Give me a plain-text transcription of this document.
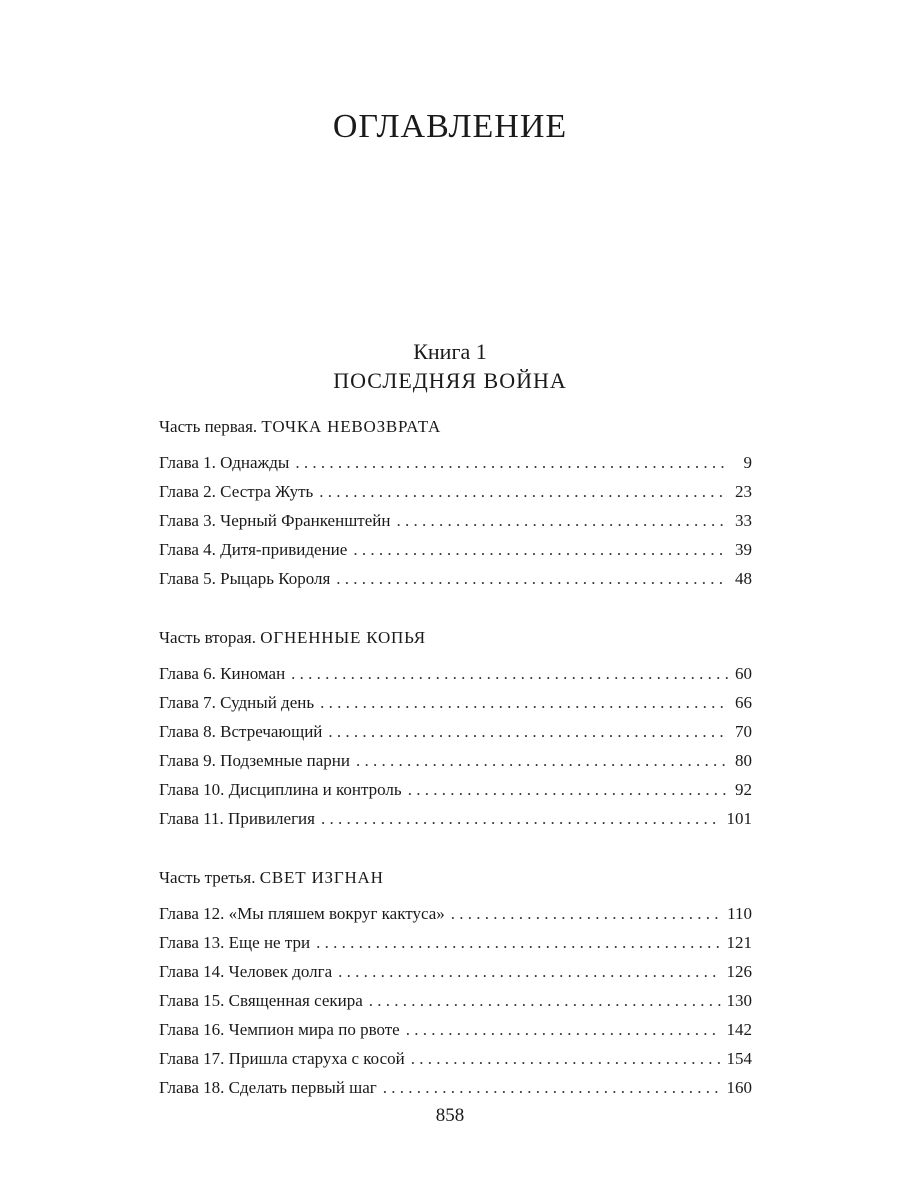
ОГЛАВЛЕНИЕ
Книга 1
ПОСЛЕДНЯЯ ВОЙНА
Часть первая. ТОЧКА НЕВОЗВРАТА
Глава 1. Однажды . . .	9
Глава 2. Сестра Жуть . . .	23
Глава 3. Черный Франкенштейн . . .	33
Глава 4. Дитя-привидение . . .	39
Глава 5. Рыцарь Короля . . .	48
Часть вторая. ОГНЕННЫЕ КОПЬЯ
Глава 6. Киноман . . .	60
Глава 7. Судный день . . .	66
Глава 8. Встречающий . . .	70
Глава 9. Подземные парни . . .	80
Глава 10. Дисциплина и контроль . . .	92
Глава 11. Привилегия . . .	101
Часть третья. СВЕТ ИЗГНАН
Глава 12. «Мы пляшем вокруг кактуса» . . .	110
Глава 13. Еще не три . . .	121
Глава 14. Человек долга . . .	126
Глава 15. Священная секира . . .	130
Глава 16. Чемпион мира по рвоте . . .	142
Глава 17. Пришла старуха с косой . . .	154
Глава 18. Сделать первый шаг . . .	160
858
